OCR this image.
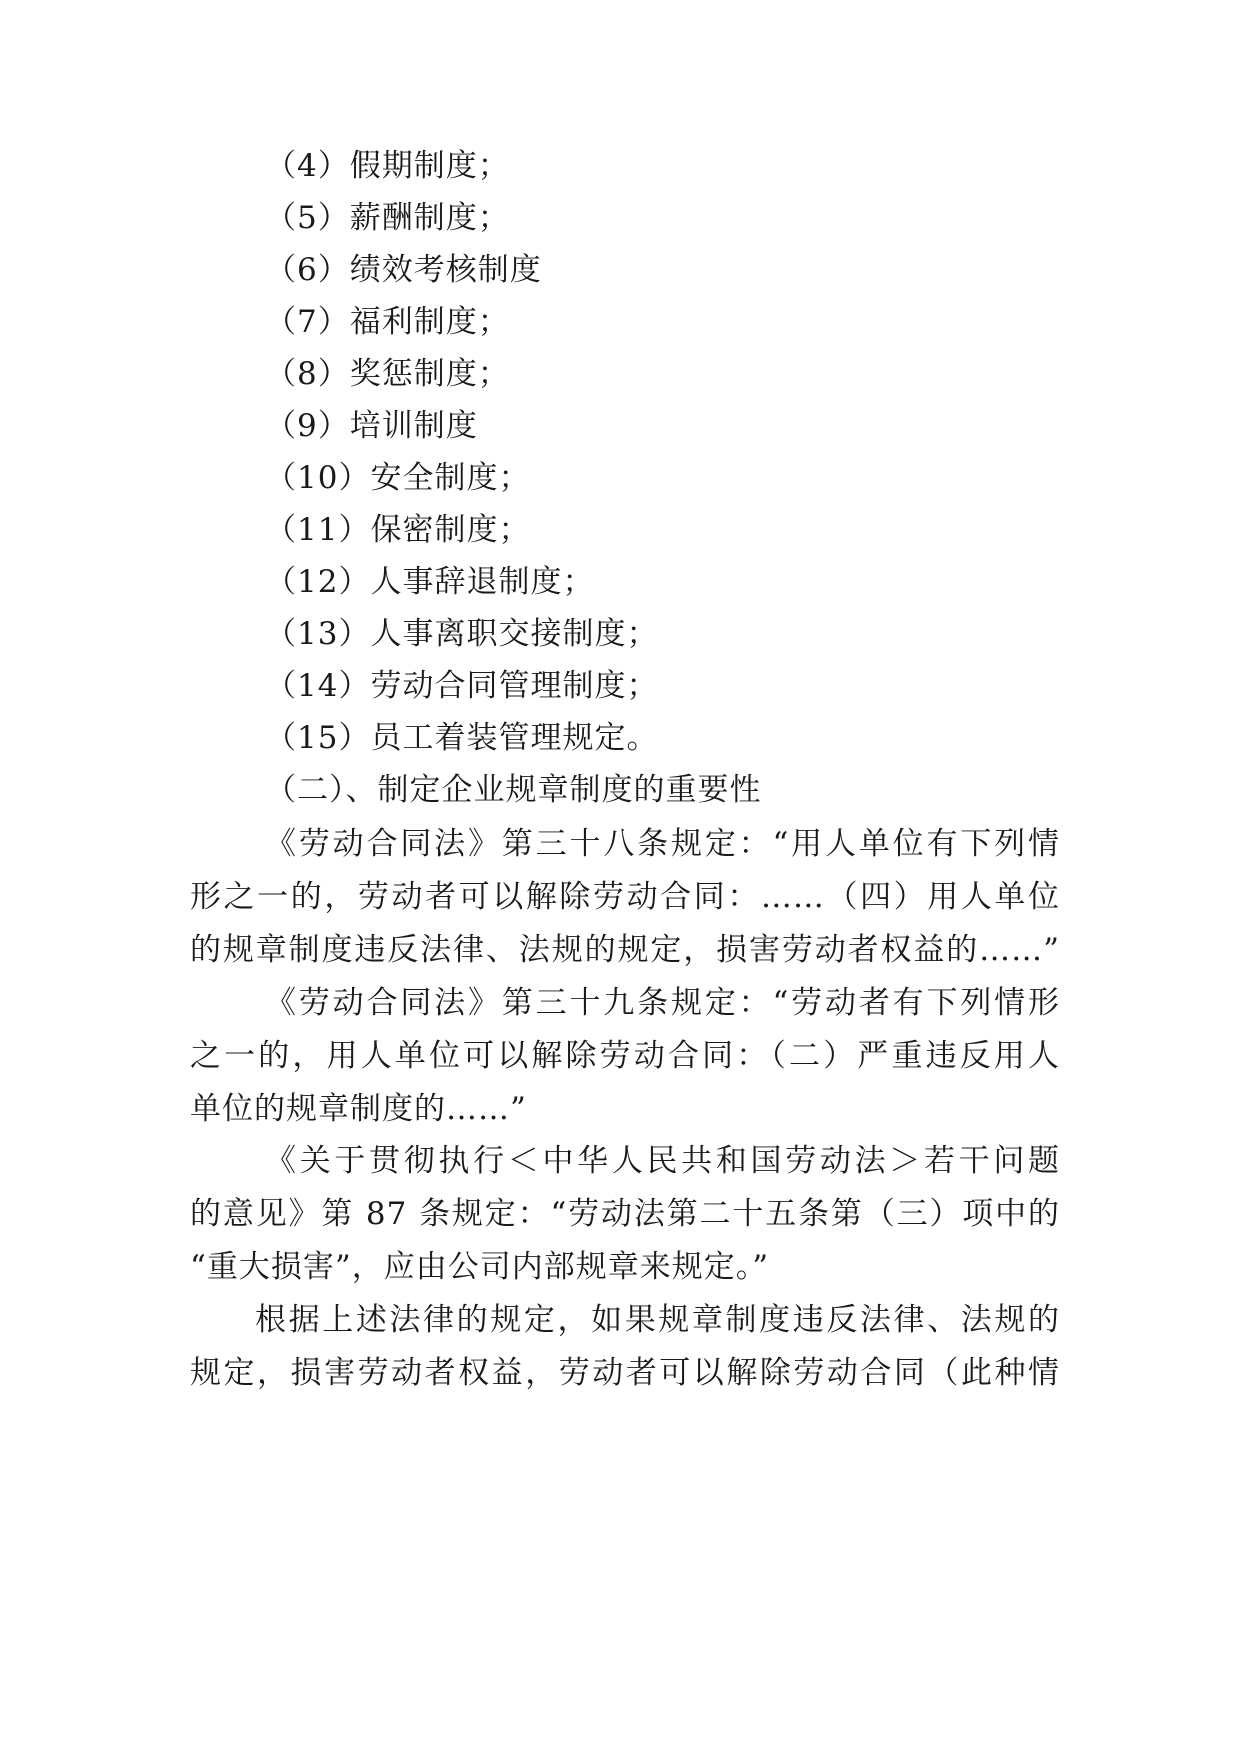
（4）假期制度；
（5）薪酬制度；
（6）绩效考核制度
（7）福利制度；
（8）奖惩制度；
（9）培训制度
（10）安全制度；
（11）保密制度；
（12）人事辞退制度；
（13）人事离职交接制度；
（14）劳动合同管理制度；
（15）员工着装管理规定。
（二）、制定企业规章制度的重要性
《劳动合同法》第三十八条规定：“用人单位有下列情
形之一的，劳动者可以解除劳动合同：……（四）用人单位
的规章制度违反法律、法规的规定，损害劳动者权益的……”
《劳动合同法》第三十九条规定：“劳动者有下列情形
之一的，用人单位可以解除劳动合同：（二）严重违反用人
单位的规章制度的……”
《关于贯彻执行＜中华人民共和国劳动法＞若干问题
的意见》第 87 条规定：“劳动法第二十五条第（三）项中的
“重大损害”，应由公司内部规章来规定。”
根据上述法律的规定，如果规章制度违反法律、法规的
规定，损害劳动者权益，劳动者可以解除劳动合同（此种情
